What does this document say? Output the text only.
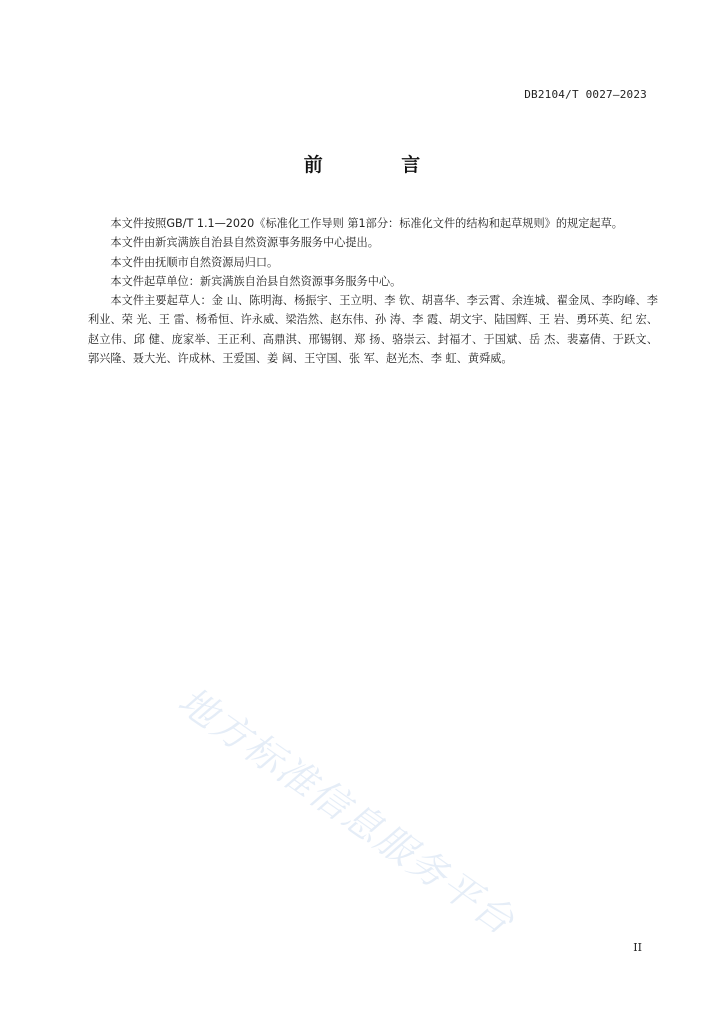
DB2104/T 0027—2023
前 言

本文件按照GB/T 1.1—2020《标准化工作导则 第1部分：标准化文件的结构和起草规则》的规定起草。

本文件由新宾满族自治县自然资源事务服务中心提出。

本文件由抚顺市自然资源局归口。

本文件起草单位：新宾满族自治县自然资源事务服务中心。

本文件主要起草人：金 山、陈明海、杨振宇、王立明、李 钦、胡喜华、李云霄、余连城、翟金凤、李昀峰、李利业、荣 光、王 雷、杨希恒、许永威、梁浩然、赵东伟、孙 涛、李 霞、胡文宇、陆国辉、王 岩、勇环英、纪 宏、赵立伟、邱 健、庞家举、王正利、高鼎淇、邢锡钢、郑 扬、骆崇云、封福才、于国斌、岳 杰、裴嘉倩、于跃文、郭兴隆、聂大光、许成林、王爱国、姜 阔、王守国、张 军、赵光杰、李 虹、黄舜威。

地方标准信息服务平台
II
